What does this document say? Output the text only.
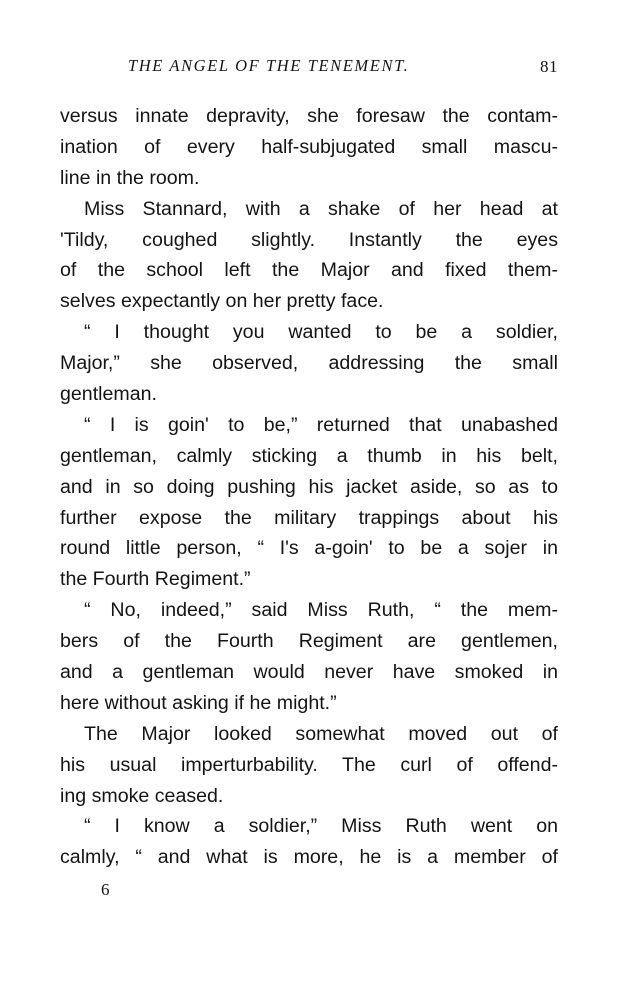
THE ANGEL OF THE TENEMENT.	81
versus innate depravity, she foresaw the contam-
ination of every half-subjugated small mascu-
line in the room.
Miss Stannard, with a shake of her head at
'Tildy, coughed slightly. Instantly the eyes
of the school left the Major and fixed them-
selves expectantly on her pretty face.
“ I thought you wanted to be a soldier,
Major,” she observed, addressing the small
gentleman.
“ I is goin' to be,” returned that unabashed
gentleman, calmly sticking a thumb in his belt,
and in so doing pushing his jacket aside, so as to
further expose the military trappings about his
round little person, “ I's a-goin' to be a sojer in
the Fourth Regiment.”
“ No, indeed,” said Miss Ruth, “ the mem-
bers of the Fourth Regiment are gentlemen,
and a gentleman would never have smoked in
here without asking if he might.”
The Major looked somewhat moved out of
his usual imperturbability. The curl of offend-
ing smoke ceased.
“ I know a soldier,” Miss Ruth went on
calmly, “ and what is more, he is a member of
6
